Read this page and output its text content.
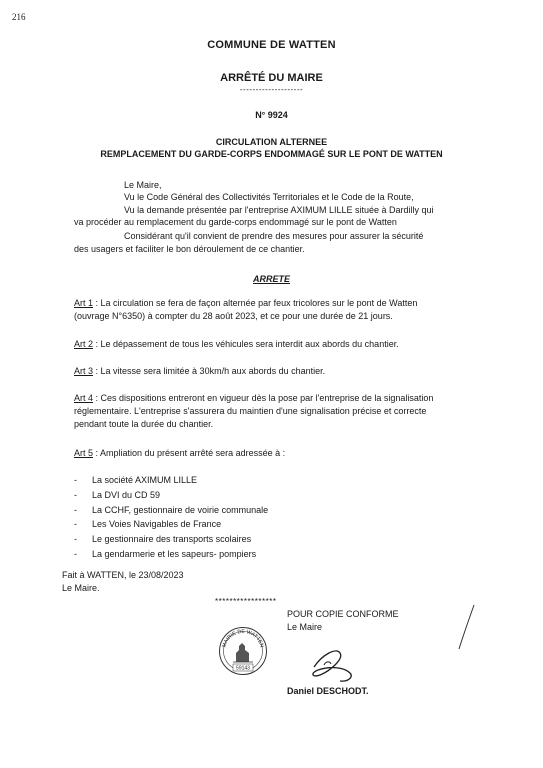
216
COMMUNE DE WATTEN
ARRÊTÉ DU MAIRE
--------------------
N° 9924
CIRCULATION ALTERNEE
REMPLACEMENT DU GARDE-CORPS ENDOMMAGÉ SUR LE PONT DE WATTEN
Le Maire,
Vu le Code Général des Collectivités Territoriales et le Code de la Route,
Vu la demande présentée par l'entreprise AXIMUM LILLE située à Dardilly qui
va procéder au remplacement du garde-corps endommagé sur le pont de Watten
Considérant qu'il convient de prendre des mesures pour assurer la sécurité
des usagers et faciliter le bon déroulement de ce chantier.
ARRETE
Art 1 : La circulation se fera de façon alternée par feux tricolores sur le pont de Watten
(ouvrage N°6350) à compter du 28 août 2023, et ce pour une durée de 21 jours.
Art 2 : Le dépassement de tous les véhicules sera interdit aux abords du chantier.
Art 3 : La vitesse sera limitée à 30km/h aux abords du chantier.
Art 4 : Ces dispositions entreront en vigueur dès la pose par l'entreprise de la signalisation
réglementaire. L'entreprise s'assurera du maintien d'une signalisation précise et correcte
pendant toute la durée du chantier.
Art 5 : Ampliation du présent arrêté sera adressée à :
- La société AXIMUM LILLE
- La DVI du CD 59
- La CCHF, gestionnaire de voirie communale
- Les Voies Navigables de France
- Le gestionnaire des transports scolaires
- La gendarmerie et les sapeurs- pompiers
Fait à WATTEN, le 23/08/2023
Le Maire.
*****************
POUR COPIE CONFORME
Le Maire
MAIRIE DE WATTEN
59143
Daniel DESCHODT.
